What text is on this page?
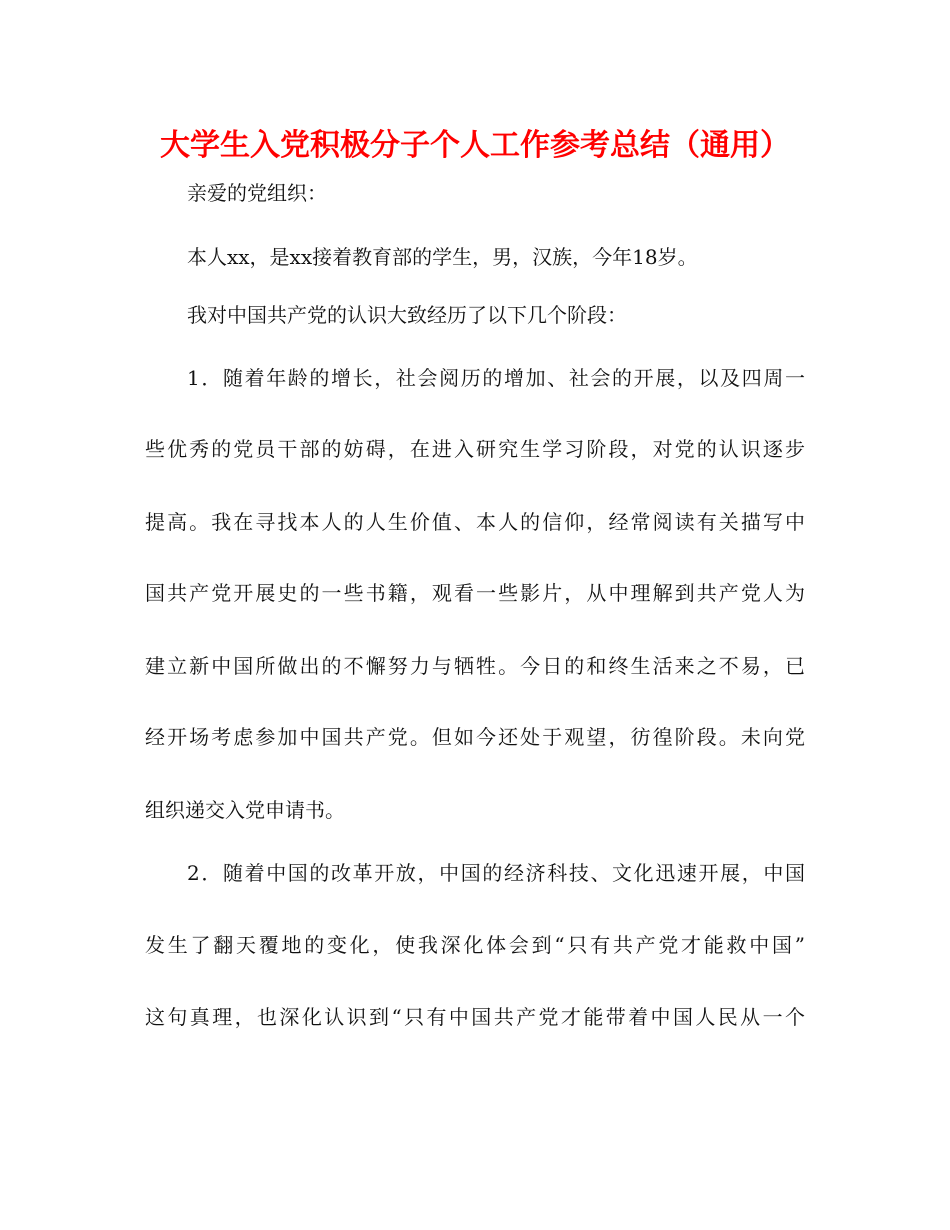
大学生入党积极分子个人工作参考总结（通用）

亲爱的党组织：

本人xx，是xx接着教育部的学生，男，汉族，今年18岁。

我对中国共产党的认识大致经历了以下几个阶段：

1．随着年龄的增长，社会阅历的增加、社会的开展，以及四周一

些优秀的党员干部的妨碍，在进入研究生学习阶段，对党的认识逐步

提高。我在寻找本人的人生价值、本人的信仰，经常阅读有关描写中

国共产党开展史的一些书籍，观看一些影片，从中理解到共产党人为

建立新中国所做出的不懈努力与牺牲。今日的和终生活来之不易，已

经开场考虑参加中国共产党。但如今还处于观望，彷徨阶段。未向党

组织递交入党申请书。

2．随着中国的改革开放，中国的经济科技、文化迅速开展，中国

发生了翻天覆地的变化，使我深化体会到“只有共产党才能救中国”

这句真理，也深化认识到“只有中国共产党才能带着中国人民从一个
